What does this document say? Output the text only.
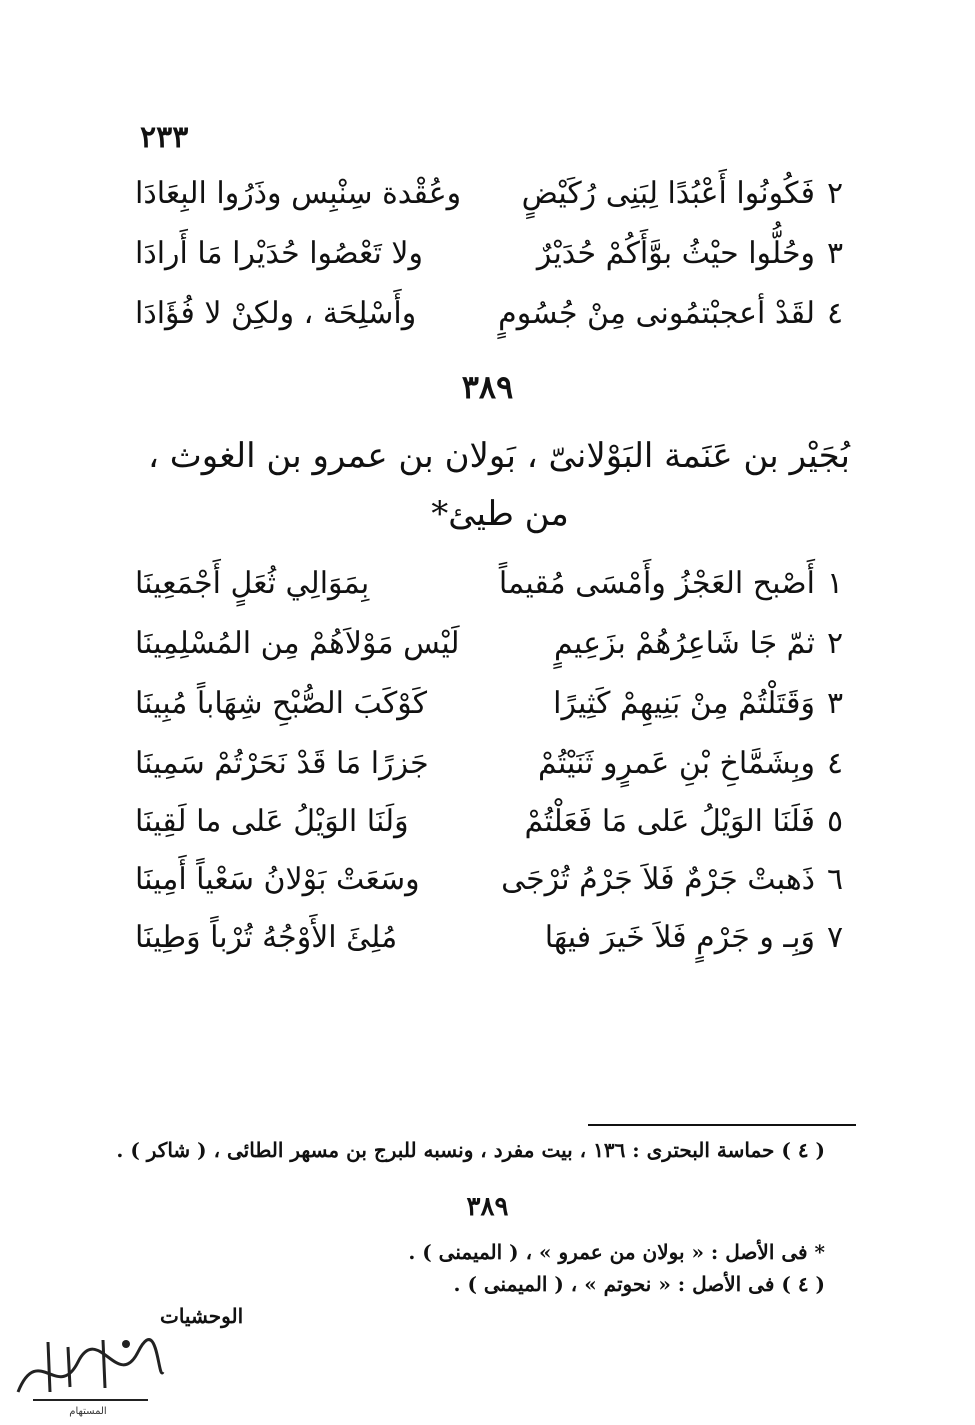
٢٣٣
٢
فَكُونُوا أَعْبُدًا لِبَنِى رُكَيْضٍ
وعُقْدة سِنْبِس وذَرُوا البِعَادَا
٣
وحُلُّوا حيْثُ بوَّأَكُمْ حُدَيْرٌ
ولا تَعْصُوا حُدَيْرا مَا أَرادَا
٤
لقَدْ أعجبْتمُونى مِنْ جُسُومٍ
وأَسْلِحَة ، ولكِنْ لا فُؤَادَا
٣٨٩
بُجَيْر بن عَنَمة البَوْلانىّ ، بَولان بن عمرو بن الغوث ،
من طيئ*
١
أَصْبح العَجْزُ وأَمْسَى مُقيماً
بِمَوَالِي ثُعَلٍ أَجْمَعِينَا
٢
ثمّ جَا شَاعِرُهُمْ بزَعِيمٍ
لَيْس مَوْلاَهُمْ مِن المُسْلِمِينَا
٣
وَقَتَلْتُمْ مِنْ بَنِيهِمْ كَثِيرًا
كَوْكَبَ الصُّبْحِ شِهَاباً مُبِينَا
٤
وبِشَمَّاخِ بْنِ عَمرٍو ثَنَيْتُمْ
جَزرًا مَا قَدْ نَحَرْتُمْ سَمِينَا
٥
فَلَنَا الوَيْلُ عَلى مَا فَعَلْتُمْ
وَلَنَا الوَيْلُ عَلى ما لَقِينَا
٦
ذَهبتْ جَرْمٌ فَلاَ جَرْمُ تُرْجَى
وسَعَتْ بَوْلانُ سَعْياً أَمِينَا
٧
وَبِـ و جَرْمٍ فَلاَ خَيرَ فيهَا
مُلِئَ الأَوْجُهُ تُرْباً وَطِينَا
( ٤ ) حماسة البحترى : ١٣٦ ، بيت مفرد ، ونسبه للبرج بن مسهر الطائى ، ( شاكر ) .
٣٨٩
* فى الأصل : « بولان من عمرو » ، ( الميمنى ) .
( ٤ ) فى الأصل : « نحوتم » ، ( الميمنى ) .
الوحشيات
المستهام
